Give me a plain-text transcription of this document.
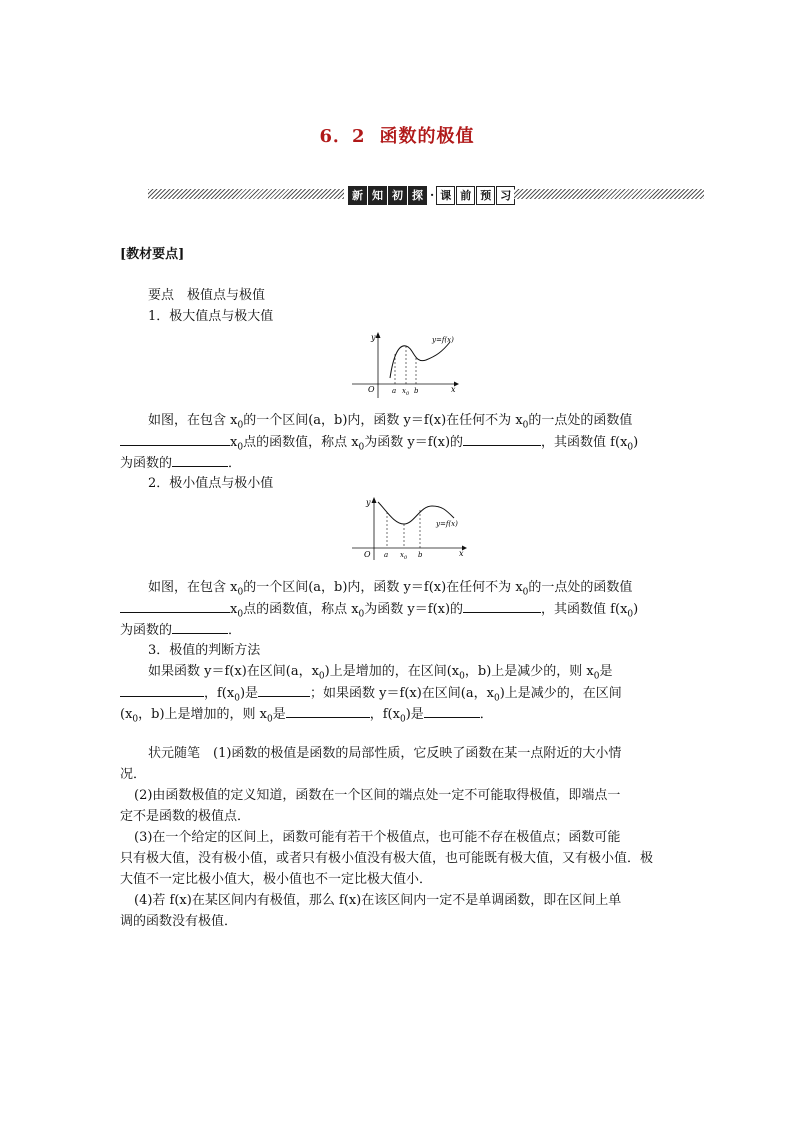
6．2 函数的极值
新 知 初 探 · 课 前 预 习
[教材要点]
要点　极值点与极值
1．极大值点与极大值
O
y
x
a $x_0$ b
y=f(x)
如图，在包含 $x_0$的一个区间(a，b)内，函数 y＝f(x)在任何不为 $x_0$的一点处的函数值
$x_0$点的函数值，称点 $x_0$为函数 y＝f(x)的	，其函数值 $f(x_0)$
为函数的	．
2．极小值点与极小值
O
y
x
a $x_0$ b
y=f(x)
如图，在包含 $x_0$的一个区间(a，b)内，函数 y＝f(x)在任何不为 $x_0$的一点处的函数值
$x_0$点的函数值，称点 $x_0$为函数 y＝f(x)的	，其函数值 $f(x_0)$
为函数的	．
3．极值的判断方法
如果函数 y＝f(x)在区间(a，$x_0$)上是增加的，在区间($x_0$，b)上是减少的，则 $x_0$是
，$f(x_0)$是	；如果函数 y＝f(x)在区间(a，$x_0$)上是减少的，在区间
($x_0$，b)上是增加的，则 $x_0$是	，$f(x_0)$是	．
状元随笔　(1)函数的极值是函数的局部性质，它反映了函数在某一点附近的大小情
况．
(2)由函数极值的定义知道，函数在一个区间的端点处一定不可能取得极值，即端点一
定不是函数的极值点．
(3)在一个给定的区间上，函数可能有若干个极值点，也可能不存在极值点；函数可能
只有极大值，没有极小值，或者只有极小值没有极大值，也可能既有极大值，又有极小值．极
大值不一定比极小值大，极小值也不一定比极大值小．
(4)若 f(x)在某区间内有极值，那么 f(x)在该区间内一定不是单调函数，即在区间上单
调的函数没有极值．
